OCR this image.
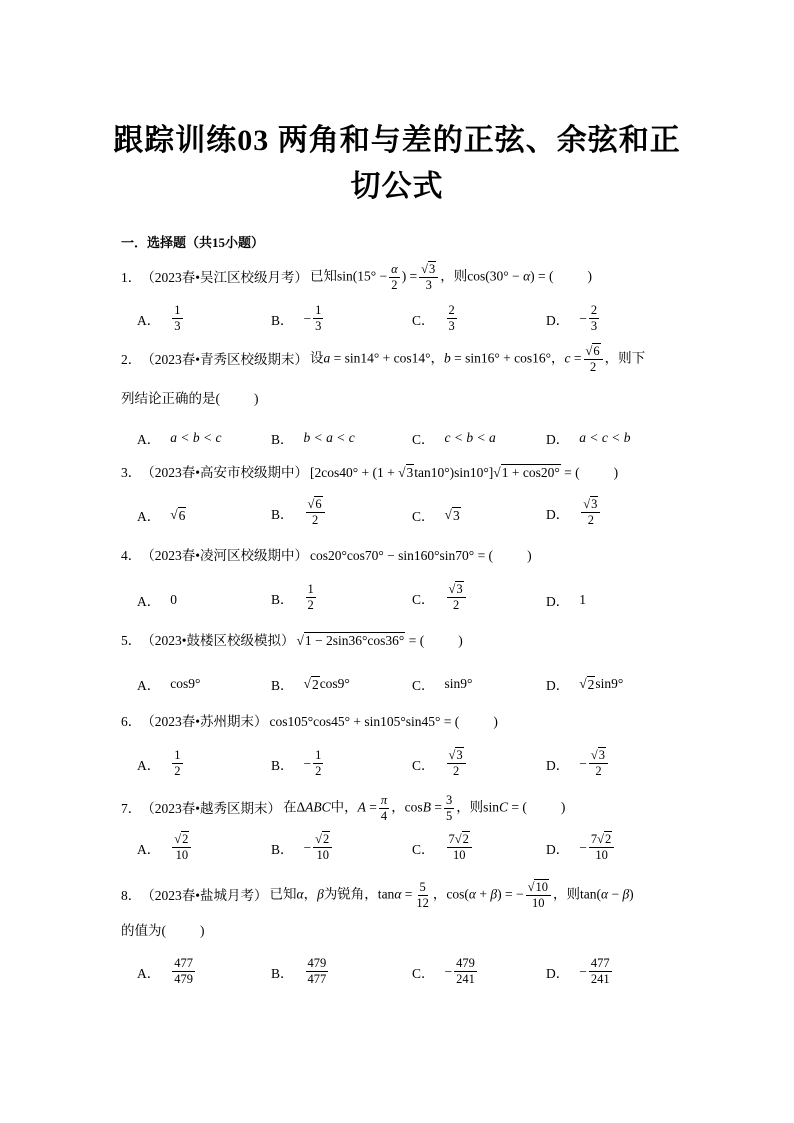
跟踪训练03 两角和与差的正弦、余弦和正
切公式
一．选择题（共15小题）
1． （2023春•吴江区校级月考） 已知$\sin(15^\circ - \frac{\alpha}{2}$ ) = $\frac{√3}{3}$ ，则cos(30° − α) = (	)
A． $\frac{1}{3}$	B． − $\frac{1}{3}$	C． $\frac{2}{3}$	D． − $\frac{2}{3}$
2． （2023春•青秀区校级期末） 设a = sin14° + cos14°，b = sin16° + cos16°，$c = \frac{√6}{2}$ ，则下
列结论正确的是(	)
A． a < b < c	B． b < a < c	C． c < b < a	D． a < c < b
3． （2023春•高安市校级期中） [2cos40° + (1 + √3tan10°)sin10°]√1 + cos20° = (	)
A． √ 6	B． $\frac{√6}{2}$	C． √ 3	D． $\frac{√3}{2}$
4． （2023春•凌河区校级期中） cos20°cos70° − sin160°sin70° = (	)
A． 0	B． $\frac{1}{2}$	C． $\frac{√3}{2}$	D． 1
5． （2023•鼓楼区校级模拟） √1 − 2sin36°cos36° = (	)
A． cos9°	B． √ 2 cos9°	C． sin9°	D． √ 2 sin9°
6． （2023春•苏州期末） cos105°cos45° + sin105°sin45° = (	)
A． $\frac{1}{2}$	B． − $\frac{1}{2}$	C． $\frac{√3}{2}$	D． − $\frac{√3}{2}$
7． （2023春•越秀区期末） 在ΔABC中，$A = \frac{\pi}{4}$ ，$\cos B = \frac{3}{5}$ ，则sinC = (	)
A． $\frac{√2}{10}$	B． − $\frac{√2}{10}$	C． $\frac{7√2}{10}$	D． − $\frac{7√2}{10}$
8． （2023春•盐城月考） 已知α，β为锐角，$\tan\alpha = \frac{5}{12}$ ，cos(α + β) = − $\frac{√10}{10}$ ，则tan(α − β)
的值为(	)
A． $\frac{477}{479}$	B． $\frac{479}{477}$	C． − $\frac{479}{241}$	D． − $\frac{477}{241}$
